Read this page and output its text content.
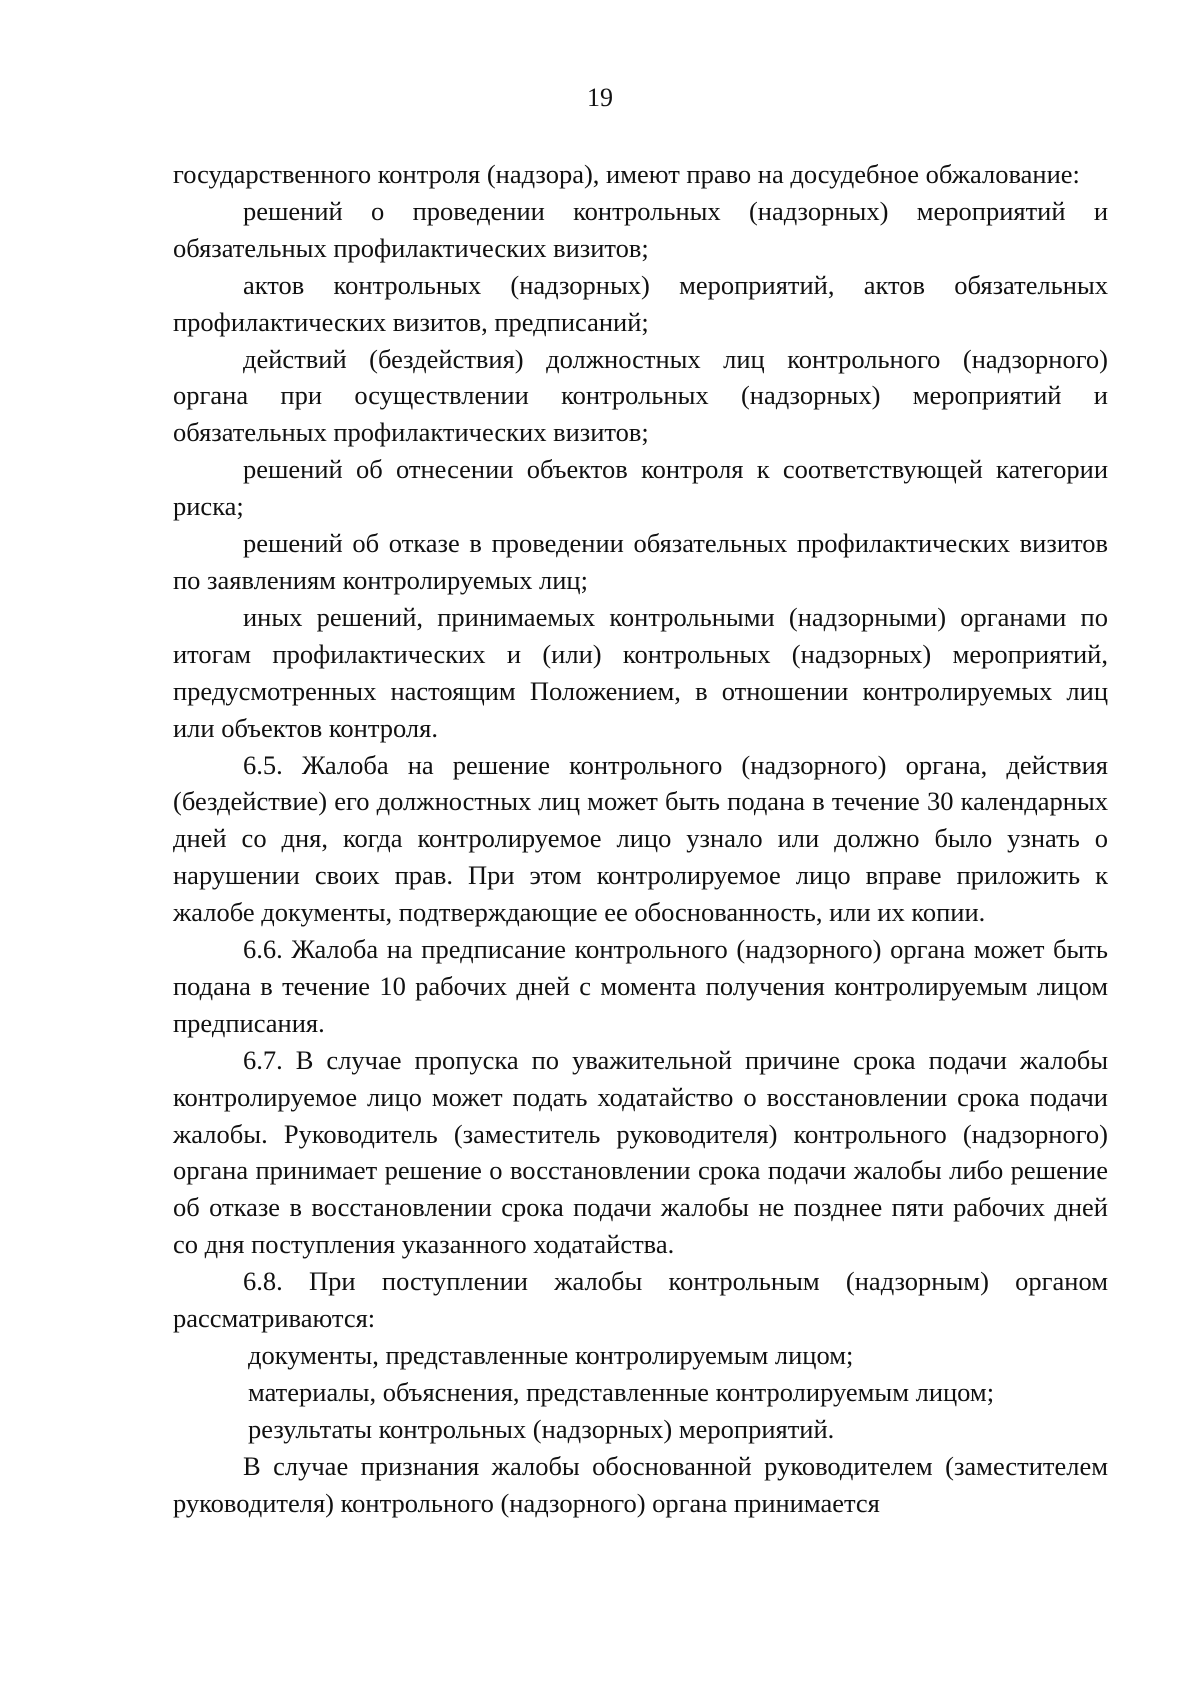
19

государственного контроля (надзора), имеют право на досудебное обжалование:

решений о проведении контрольных (надзорных) мероприятий и обязательных профилактических визитов;

актов контрольных (надзорных) мероприятий, актов обязательных профилактических визитов, предписаний;

действий (бездействия) должностных лиц контрольного (надзорного) органа при осуществлении контрольных (надзорных) мероприятий и обязательных профилактических визитов;

решений об отнесении объектов контроля к соответствующей категории риска;

решений об отказе в проведении обязательных профилактических визитов по заявлениям контролируемых лиц;

иных решений, принимаемых контрольными (надзорными) органами по итогам профилактических и (или) контрольных (надзорных) мероприятий, предусмотренных настоящим Положением, в отношении контролируемых лиц или объектов контроля.

6.5. Жалоба на решение контрольного (надзорного) органа, действия (бездействие) его должностных лиц может быть подана в течение 30 календарных дней со дня, когда контролируемое лицо узнало или должно было узнать о нарушении своих прав. При этом контролируемое лицо вправе приложить к жалобе документы, подтверждающие ее обоснованность, или их копии.

6.6. Жалоба на предписание контрольного (надзорного) органа может быть подана в течение 10 рабочих дней с момента получения контролируемым лицом предписания.

6.7. В случае пропуска по уважительной причине срока подачи жалобы контролируемое лицо может подать ходатайство о восстановлении срока подачи жалобы. Руководитель (заместитель руководителя) контрольного (надзорного) органа принимает решение о восстановлении срока подачи жалобы либо решение об отказе в восстановлении срока подачи жалобы не позднее пяти рабочих дней со дня поступления указанного ходатайства.

6.8. При поступлении жалобы контрольным (надзорным) органом рассматриваются:

документы, представленные контролируемым лицом;

материалы, объяснения, представленные контролируемым лицом;

результаты контрольных (надзорных) мероприятий.

В случае признания жалобы обоснованной руководителем (заместителем руководителя) контрольного (надзорного) органа принимается
